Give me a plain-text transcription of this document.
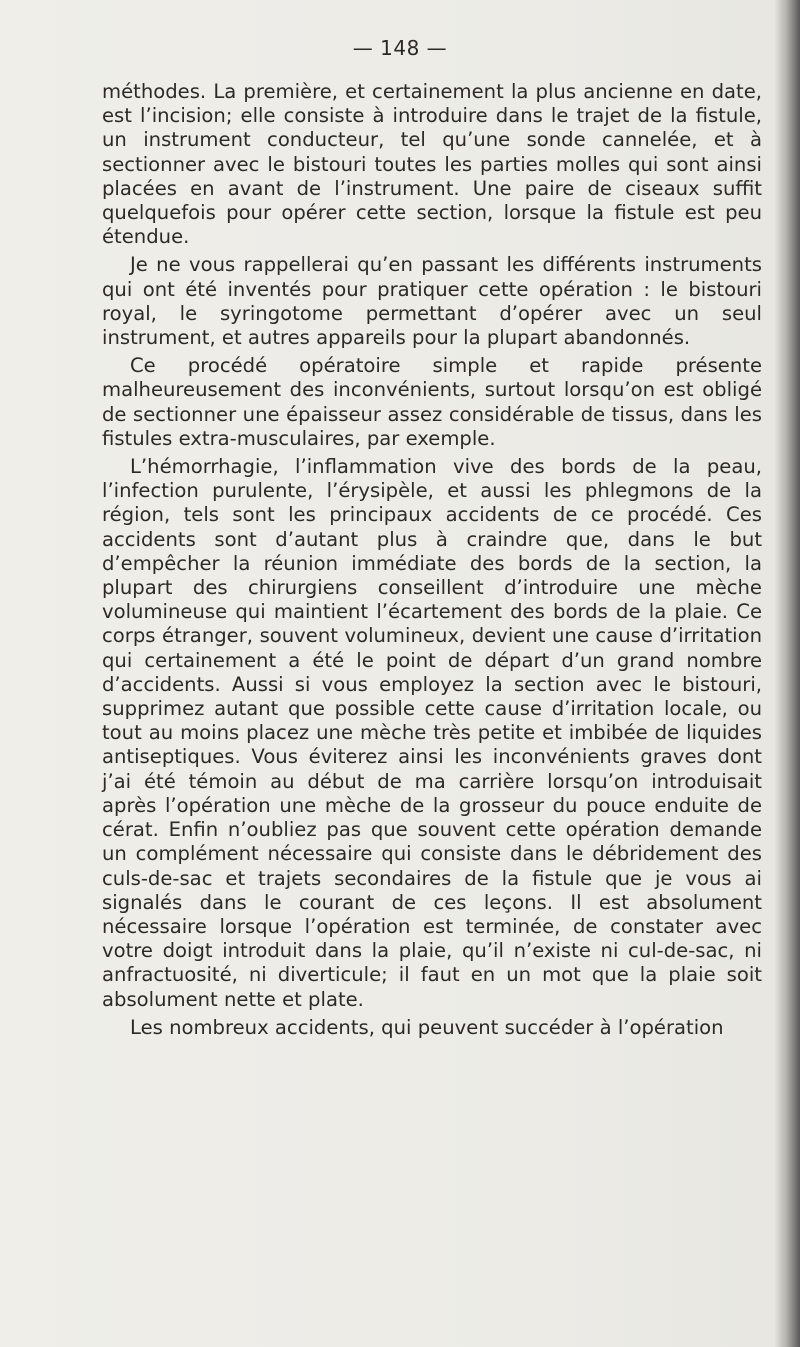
— 148 —

méthodes. La première, et certainement la plus ancienne en date, est l’incision; elle consiste à introduire dans le trajet de la fistule, un instrument conducteur, tel qu’une sonde cannelée, et à sectionner avec le bistouri toutes les parties molles qui sont ainsi placées en avant de l’instrument. Une paire de ciseaux suffit quelquefois pour opérer cette section, lorsque la fistule est peu étendue.

Je ne vous rappellerai qu’en passant les différents instruments qui ont été inventés pour pratiquer cette opération : le bistouri royal, le syringotome permettant d’opérer avec un seul instrument, et autres appareils pour la plupart abandonnés.

Ce procédé opératoire simple et rapide présente malheureusement des inconvénients, surtout lorsqu’on est obligé de sectionner une épaisseur assez considérable de tissus, dans les fistules extra-musculaires, par exemple.

L’hémorrhagie, l’inflammation vive des bords de la peau, l’infection purulente, l’érysipèle, et aussi les phlegmons de la région, tels sont les principaux accidents de ce procédé. Ces accidents sont d’autant plus à craindre que, dans le but d’empêcher la réunion immédiate des bords de la section, la plupart des chirurgiens conseillent d’introduire une mèche volumineuse qui maintient l’écartement des bords de la plaie. Ce corps étranger, souvent volumineux, devient une cause d’irritation qui certainement a été le point de départ d’un grand nombre d’accidents. Aussi si vous employez la section avec le bistouri, supprimez autant que possible cette cause d’irritation locale, ou tout au moins placez une mèche très petite et imbibée de liquides antiseptiques. Vous éviterez ainsi les inconvénients graves dont j’ai été témoin au début de ma carrière lorsqu’on introduisait après l’opération une mèche de la grosseur du pouce enduite de cérat. Enfin n’oubliez pas que souvent cette opération demande un complément nécessaire qui consiste dans le débridement des culs-de-sac et trajets secondaires de la fistule que je vous ai signalés dans le courant de ces leçons. Il est absolument nécessaire lorsque l’opération est terminée, de constater avec votre doigt introduit dans la plaie, qu’il n’existe ni cul-de-sac, ni anfractuosité, ni diverticule; il faut en un mot que la plaie soit absolument nette et plate.

Les nombreux accidents, qui peuvent succéder à l’opération
